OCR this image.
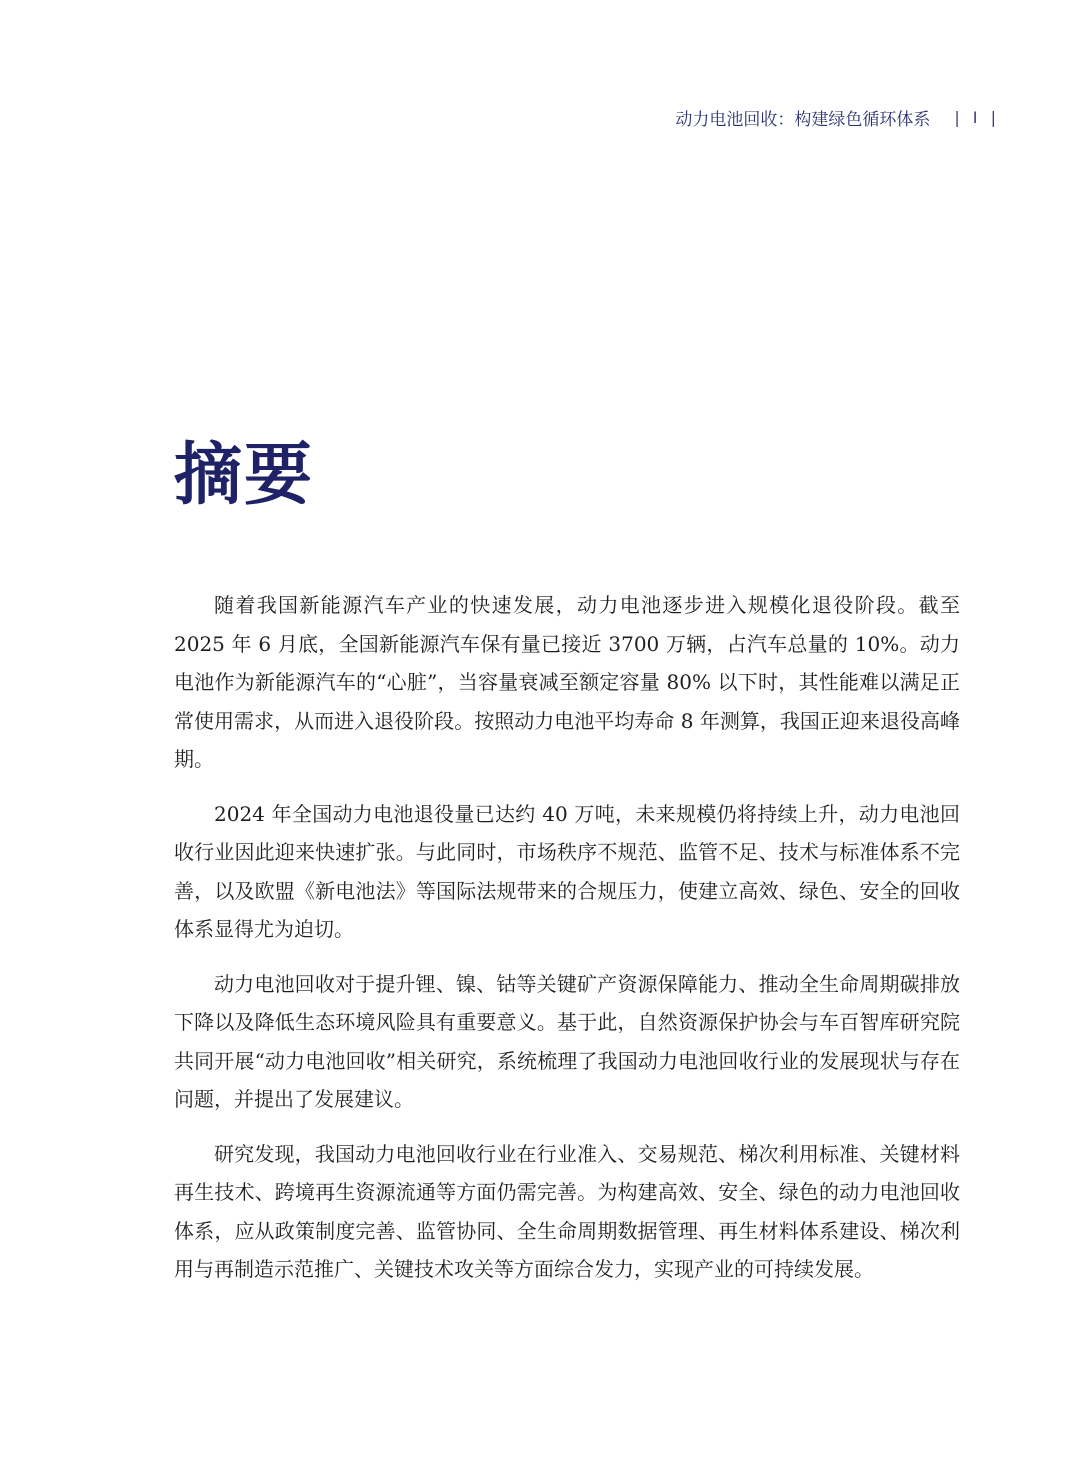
动力电池回收：构建绿色循环体系 | I |
摘要

随着我国新能源汽车产业的快速发展，动力电池逐步进入规模化退役阶段。截至 2025 年 6 月底，全国新能源汽车保有量已接近 3700 万辆，占汽车总量的 10%。动力电池作为新能源汽车的“心脏”，当容量衰减至额定容量 80% 以下时，其性能难以满足正常使用需求，从而进入退役阶段。按照动力电池平均寿命 8 年测算，我国正迎来退役高峰期。

2024 年全国动力电池退役量已达约 40 万吨，未来规模仍将持续上升，动力电池回收行业因此迎来快速扩张。与此同时，市场秩序不规范、监管不足、技术与标准体系不完善，以及欧盟《新电池法》等国际法规带来的合规压力，使建立高效、绿色、安全的回收体系显得尤为迫切。

动力电池回收对于提升锂、镍、钴等关键矿产资源保障能力、推动全生命周期碳排放下降以及降低生态环境风险具有重要意义。基于此，自然资源保护协会与车百智库研究院共同开展“动力电池回收”相关研究，系统梳理了我国动力电池回收行业的发展现状与存在问题，并提出了发展建议。

研究发现，我国动力电池回收行业在行业准入、交易规范、梯次利用标准、关键材料再生技术、跨境再生资源流通等方面仍需完善。为构建高效、安全、绿色的动力电池回收体系，应从政策制度完善、监管协同、全生命周期数据管理、再生材料体系建设、梯次利用与再制造示范推广、关键技术攻关等方面综合发力，实现产业的可持续发展。
